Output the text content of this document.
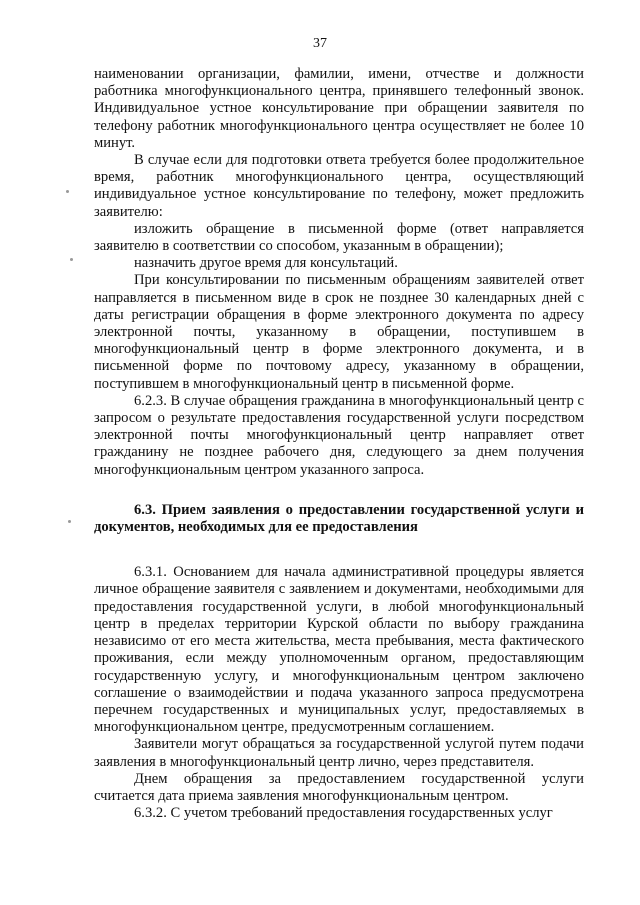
37

наименовании организации, фамилии, имени, отчестве и должности работника многофункционального центра, принявшего телефонный звонок. Индивидуальное устное консультирование при обращении заявителя по телефону работник многофункционального центра осуществляет не более 10 минут.

В случае если для подготовки ответа требуется более продолжительное время, работник многофункционального центра, осуществляющий индивидуальное устное консультирование по телефону, может предложить заявителю:

изложить обращение в письменной форме (ответ направляется заявителю в соответствии со способом, указанным в обращении);

назначить другое время для консультаций.

При консультировании по письменным обращениям заявителей ответ направляется в письменном виде в срок не позднее 30 календарных дней с даты регистрации обращения в форме электронного документа по адресу электронной почты, указанному в обращении, поступившем в многофункциональный центр в форме электронного документа, и в письменной форме по почтовому адресу, указанному в обращении, поступившем в многофункциональный центр в письменной форме.

6.2.3. В случае обращения гражданина в многофункциональный центр с запросом о результате предоставления государственной услуги посредством электронной почты многофункциональный центр направляет ответ гражданину не позднее рабочего дня, следующего за днем получения многофункциональным центром указанного запроса.

6.3. Прием заявления о предоставлении государственной услуги и документов, необходимых для ее предоставления

6.3.1. Основанием для начала административной процедуры является личное обращение заявителя с заявлением и документами, необходимыми для предоставления государственной услуги, в любой многофункциональный центр в пределах территории Курской области по выбору гражданина независимо от его места жительства, места пребывания, места фактического проживания, если между уполномоченным органом, предоставляющим государственную услугу, и многофункциональным центром заключено соглашение о взаимодействии и подача указанного запроса предусмотрена перечнем государственных и муниципальных услуг, предоставляемых в многофункциональном центре, предусмотренным соглашением.

Заявители могут обращаться за государственной услугой путем подачи заявления в многофункциональный центр лично, через представителя.

Днем обращения за предоставлением государственной услуги считается дата приема заявления многофункциональным центром.

6.3.2. С учетом требований предоставления государственных услуг
